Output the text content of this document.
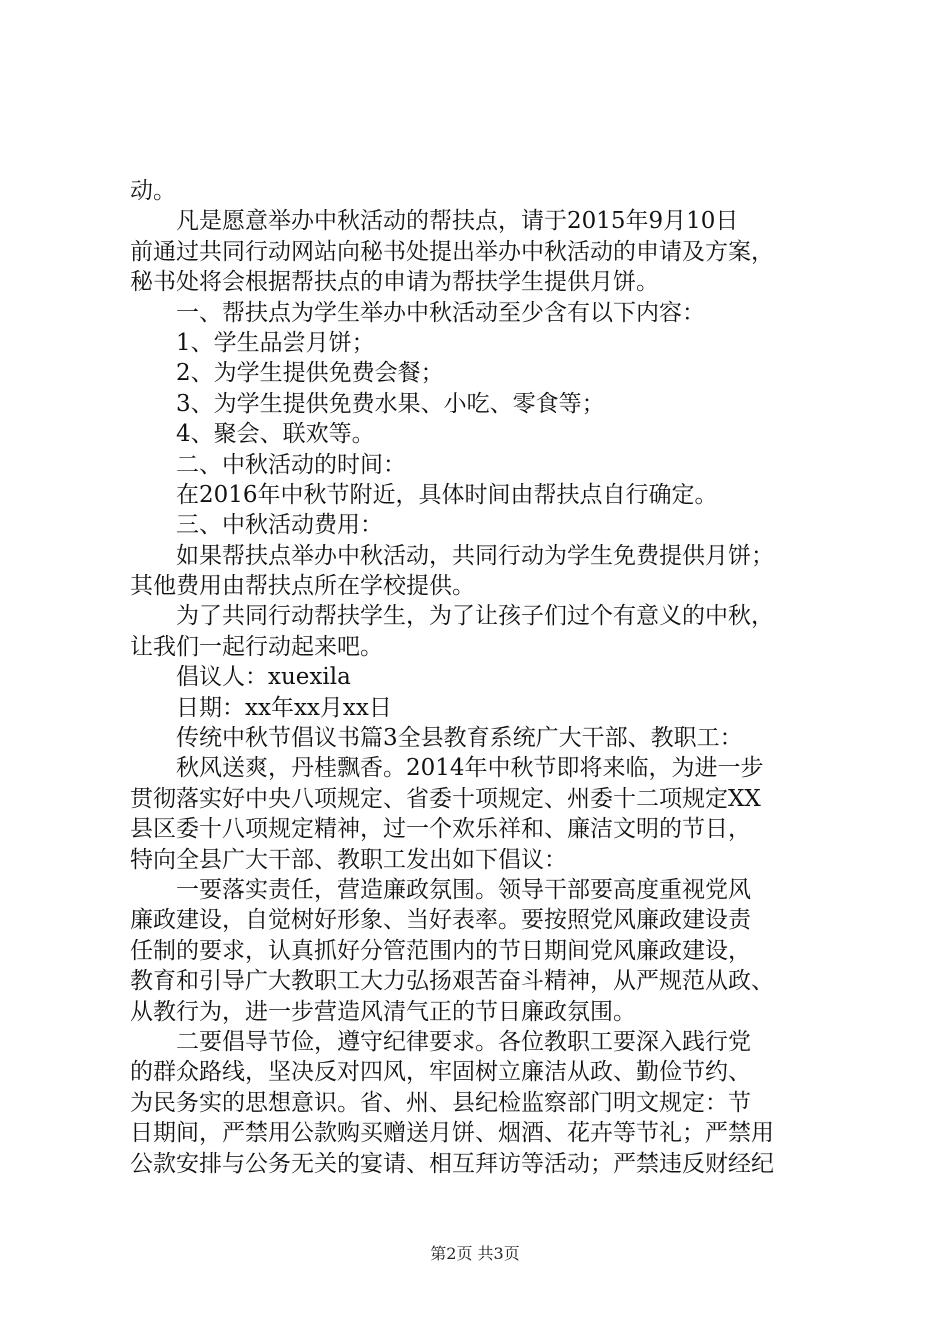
动。
凡是愿意举办中秋活动的帮扶点，请于2015年9月10日
前通过共同行动网站向秘书处提出举办中秋活动的申请及方案，
秘书处将会根据帮扶点的申请为帮扶学生提供月饼。
一、帮扶点为学生举办中秋活动至少含有以下内容：
1、学生品尝月饼；
2、为学生提供免费会餐；
3、为学生提供免费水果、小吃、零食等；
4、聚会、联欢等。
二、中秋活动的时间：
在2016年中秋节附近，具体时间由帮扶点自行确定。
三、中秋活动费用：
如果帮扶点举办中秋活动，共同行动为学生免费提供月饼；
其他费用由帮扶点所在学校提供。
为了共同行动帮扶学生，为了让孩子们过个有意义的中秋，
让我们一起行动起来吧。
倡议人：xuexila
日期：xx年xx月xx日
传统中秋节倡议书篇3全县教育系统广大干部、教职工：
秋风送爽，丹桂飘香。2014年中秋节即将来临，为进一步
贯彻落实好中央八项规定、省委十项规定、州委十二项规定XX
县区委十八项规定精神，过一个欢乐祥和、廉洁文明的节日，
特向全县广大干部、教职工发出如下倡议：
一要落实责任，营造廉政氛围。领导干部要高度重视党风
廉政建设，自觉树好形象、当好表率。要按照党风廉政建设责
任制的要求，认真抓好分管范围内的节日期间党风廉政建设，
教育和引导广大教职工大力弘扬艰苦奋斗精神，从严规范从政、
从教行为，进一步营造风清气正的节日廉政氛围。
二要倡导节俭，遵守纪律要求。各位教职工要深入践行党
的群众路线，坚决反对四风，牢固树立廉洁从政、勤俭节约、
为民务实的思想意识。省、州、县纪检监察部门明文规定：节
日期间，严禁用公款购买赠送月饼、烟酒、花卉等节礼；严禁用
公款安排与公务无关的宴请、相互拜访等活动；严禁违反财经纪
第2页 共3页
